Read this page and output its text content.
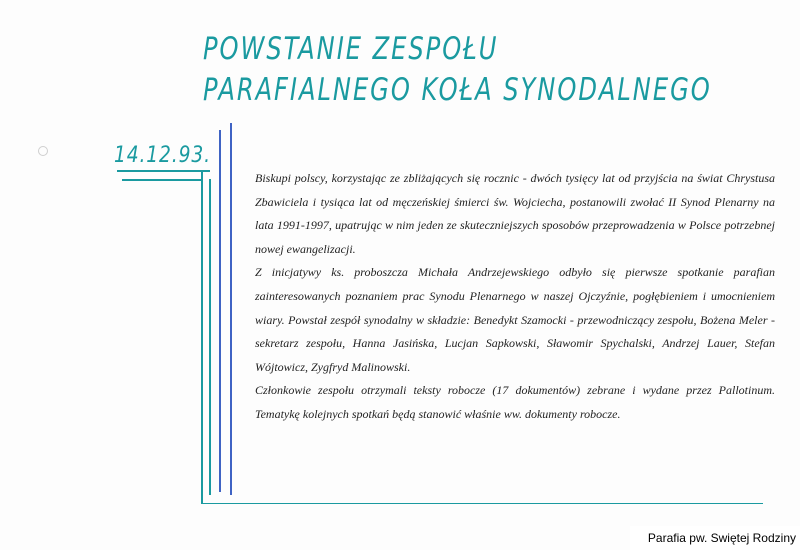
POWSTANIE ZESPOŁU
PARAFIALNEGO KOŁA SYNODALNEGO
14.12.93.

Biskupi polscy, korzystając ze zbliżających się rocznic - dwóch tysięcy lat od przyjścia na świat Chrystusa Zbawiciela i tysiąca lat od męczeńskiej śmierci św. Wojciecha, postanowili zwołać II Synod Plenarny na lata 1991-1997, upatrując w nim jeden ze skuteczniejszych sposobów przeprowadzenia w Polsce potrzebnej nowej ewangelizacji.

Z inicjatywy ks. proboszcza Michała Andrzejewskiego odbyło się pierwsze spotkanie parafian zainteresowanych poznaniem prac Synodu Plenarnego w naszej Ojczyźnie, pogłębieniem i umocnieniem wiary. Powstał zespół synodalny w składzie: Benedykt Szamocki - przewodniczący zespołu, Bożena Meler - sekretarz zespołu, Hanna Jasińska, Lucjan Sapkowski, Sławomir Spychalski, Andrzej Lauer, Stefan Wójtowicz, Zygfryd Malinowski.

Członkowie zespołu otrzymali teksty robocze (17 dokumentów) zebrane i wydane przez Pallotinum. Tematykę kolejnych spotkań będą stanowić właśnie ww. dokumenty robocze.

Parafia pw. Swiętej Rodziny
